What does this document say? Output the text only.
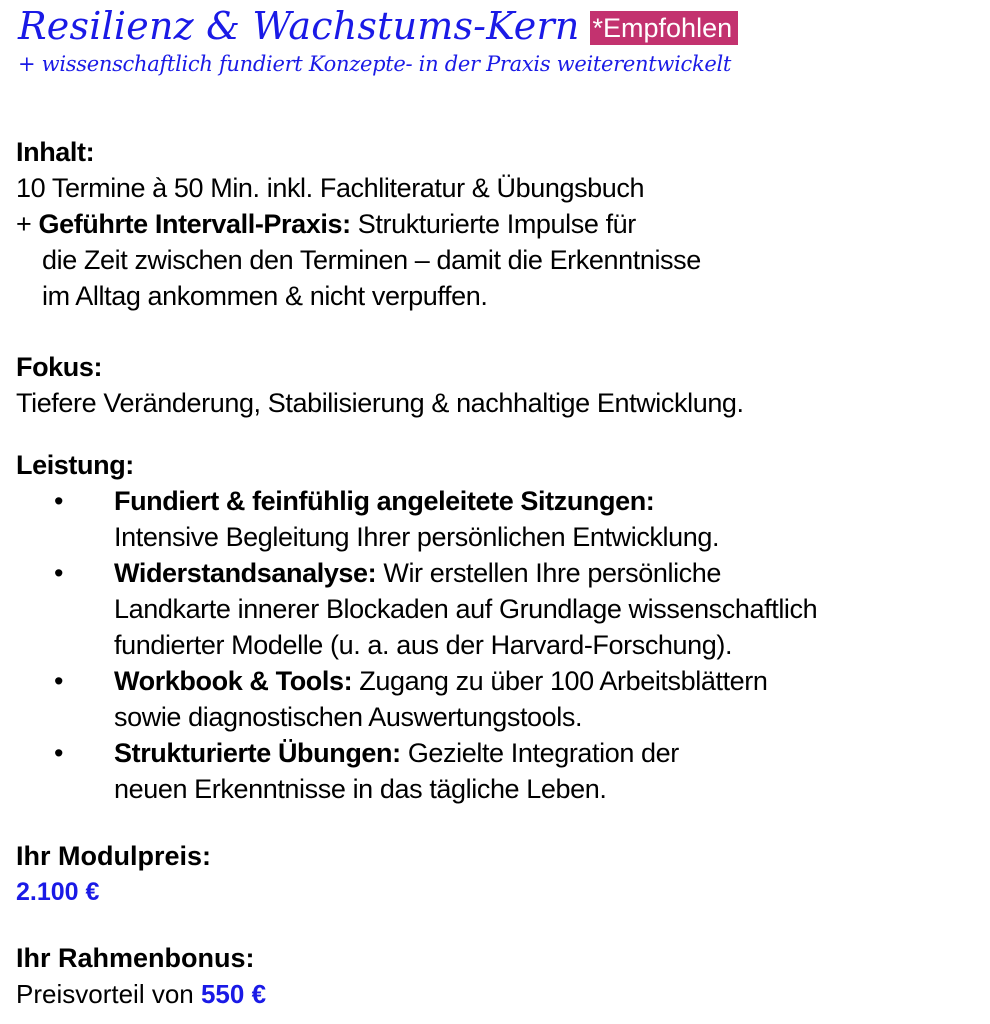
Resilienz & Wachstums-Kern *Empfohlen
+ wissenschaftlich fundiert Konzepte- in der Praxis weiterentwickelt
Inhalt:
10 Termine à 50 Min. inkl. Fachliteratur & Übungsbuch
+ Geführte Intervall-Praxis: Strukturierte Impulse für
die Zeit zwischen den Terminen – damit die Erkenntnisse
im Alltag ankommen & nicht verpuffen.
Fokus:
Tiefere Veränderung, Stabilisierung & nachhaltige Entwicklung.
Leistung:
• Fundiert & feinfühlig angeleitete Sitzungen:
Intensive Begleitung Ihrer persönlichen Entwicklung.
• Widerstandsanalyse: Wir erstellen Ihre persönliche
Landkarte innerer Blockaden auf Grundlage wissenschaftlich
fundierter Modelle (u. a. aus der Harvard-Forschung).
• Workbook & Tools: Zugang zu über 100 Arbeitsblättern
sowie diagnostischen Auswertungstools.
• Strukturierte Übungen: Gezielte Integration der
neuen Erkenntnisse in das tägliche Leben.
Ihr Modulpreis:
2.100 €
Ihr Rahmenbonus:
Preisvorteil von 550 €
